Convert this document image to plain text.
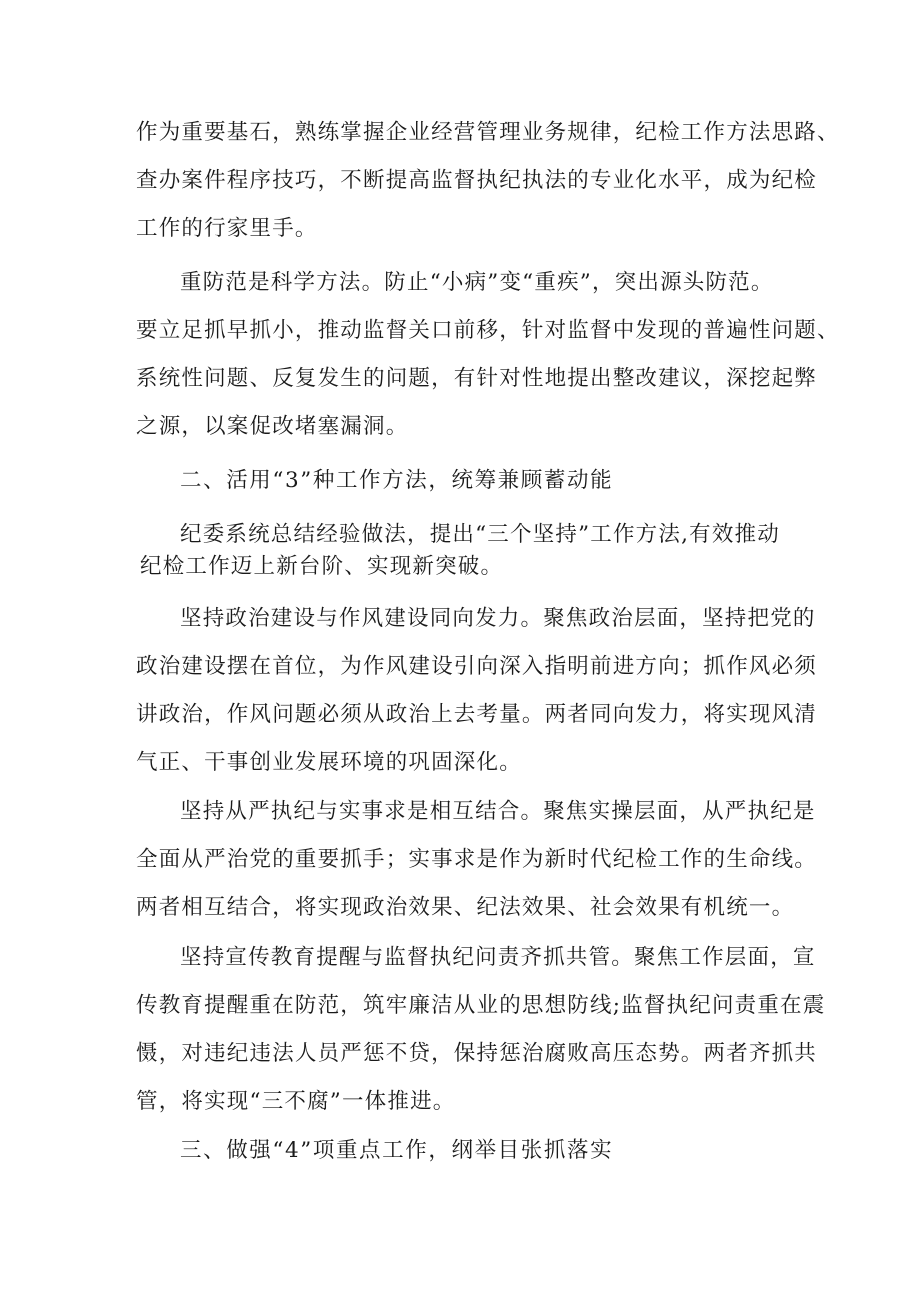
作为重要基石，熟练掌握企业经营管理业务规律，纪检工作方法思路、
查办案件程序技巧，不断提高监督执纪执法的专业化水平，成为纪检
工作的行家里手。
重防范是科学方法。防止“小病”变“重疾”，突出源头防范。
要立足抓早抓小，推动监督关口前移，针对监督中发现的普遍性问题、
系统性问题、反复发生的问题，有针对性地提出整改建议，深挖起弊
之源，以案促改堵塞漏洞。
二、活用“3”种工作方法，统筹兼顾蓄动能
纪委系统总结经验做法，提出“三个坚持”工作方法,有效推动
纪检工作迈上新台阶、实现新突破。
坚持政治建设与作风建设同向发力。聚焦政治层面，坚持把党的
政治建设摆在首位，为作风建设引向深入指明前进方向；抓作风必须
讲政治，作风问题必须从政治上去考量。两者同向发力，将实现风清
气正、干事创业发展环境的巩固深化。
坚持从严执纪与实事求是相互结合。聚焦实操层面，从严执纪是
全面从严治党的重要抓手；实事求是作为新时代纪检工作的生命线。
两者相互结合，将实现政治效果、纪法效果、社会效果有机统一。
坚持宣传教育提醒与监督执纪问责齐抓共管。聚焦工作层面，宣
传教育提醒重在防范，筑牢廉洁从业的思想防线;监督执纪问责重在震
慑，对违纪违法人员严惩不贷，保持惩治腐败高压态势。两者齐抓共
管，将实现“三不腐”一体推进。
三、做强“4”项重点工作，纲举目张抓落实
